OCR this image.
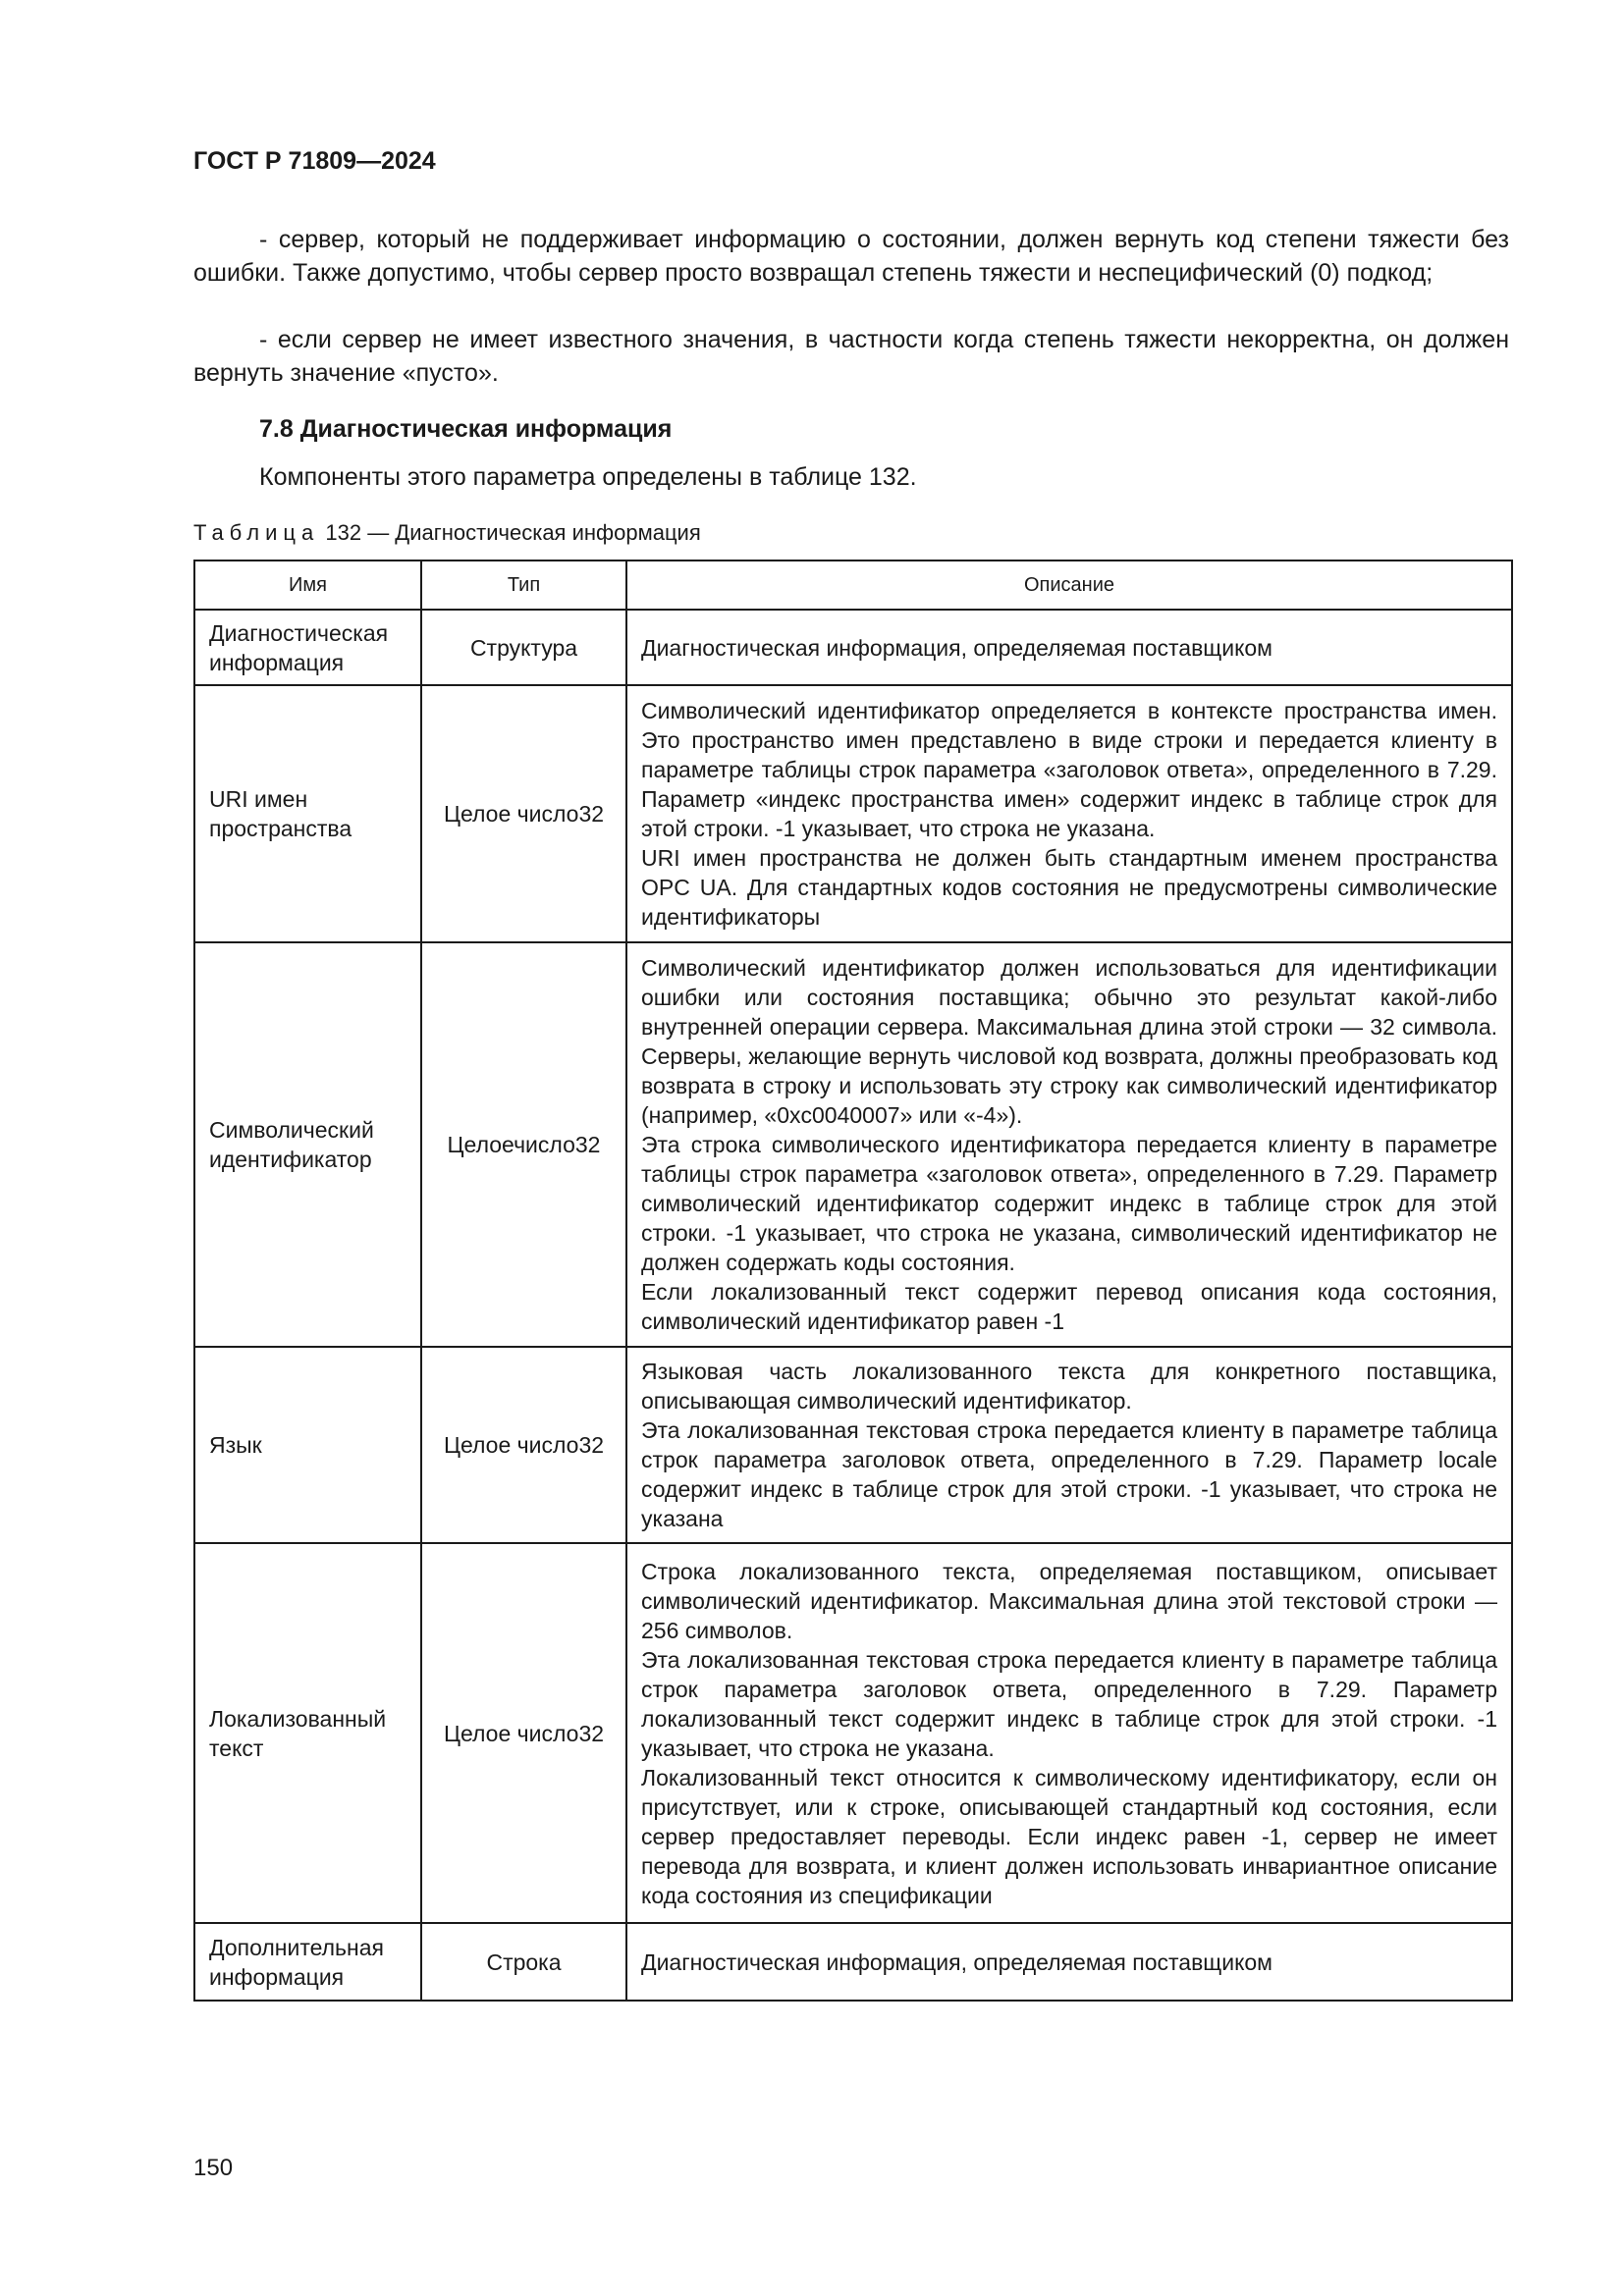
ГОСТ Р 71809—2024

- сервер, который не поддерживает информацию о состоянии, должен вернуть код степени тяжести без ошибки. Также допустимо, чтобы сервер просто возвращал степень тяжести и неспецифический (0) подкод;

- если сервер не имеет известного значения, в частности когда степень тяжести некорректна, он должен вернуть значение «пусто».

7.8 Диагностическая информация

Компоненты этого параметра определены в таблице 132.

Таблица 132 — Диагностическая информация

Имя	Тип	Описание
Диагностическая информация	Структура	Диагностическая информация, определяемая поставщиком

URI имен пространства	Целое число32	Символический идентификатор определяется в контексте пространства имен. Это пространство имен представлено в виде строки и передается клиенту в параметре таблицы строк параметра «заголовок ответа», определенного в 7.29. Параметр «индекс пространства имен» содержит индекс в таблице строк для этой строки. -1 указывает, что строка не указана.

URI имен пространства не должен быть стандартным именем пространства OPC UA. Для стандартных кодов состояния не предусмотрены символические идентификаторы

Символический идентификатор	Целоечисло32	Символический идентификатор должен использоваться для идентификации ошибки или состояния поставщика; обычно это результат какой-либо внутренней операции сервера. Максимальная длина этой строки — 32 символа. Серверы, желающие вернуть числовой код возврата, должны преобразовать код возврата в строку и использовать эту строку как символический идентификатор (например, «0xc0040007» или «-4»).

Эта строка символического идентификатора передается клиенту в параметре таблицы строк параметра «заголовок ответа», определенного в 7.29. Параметр символический идентификатор содержит индекс в таблице строк для этой строки. -1 указывает, что строка не указана, символический идентификатор не должен содержать коды состояния.

Если локализованный текст содержит перевод описания кода состояния, символический идентификатор равен -1

Язык	Целое число32	Языковая часть локализованного текста для конкретного поставщика, описывающая символический идентификатор.

Эта локализованная текстовая строка передается клиенту в параметре таблица строк параметра заголовок ответа, определенного в 7.29. Параметр locale содержит индекс в таблице строк для этой строки. -1 указывает, что строка не указана

Локализованный текст	Целое число32	Строка локализованного текста, определяемая поставщиком, описывает символический идентификатор. Максимальная длина этой текстовой строки — 256 символов.

Эта локализованная текстовая строка передается клиенту в параметре таблица строк параметра заголовок ответа, определенного в 7.29. Параметр локализованный текст содержит индекс в таблице строк для этой строки. -1 указывает, что строка не указана.

Локализованный текст относится к символическому идентификатору, если он присутствует, или к строке, описывающей стандартный код состояния, если сервер предоставляет переводы. Если индекс равен -1, сервер не имеет перевода для возврата, и клиент должен использовать инвариантное описание кода состояния из спецификации

Дополнительная информация	Строка	Диагностическая информация, определяемая поставщиком

150
